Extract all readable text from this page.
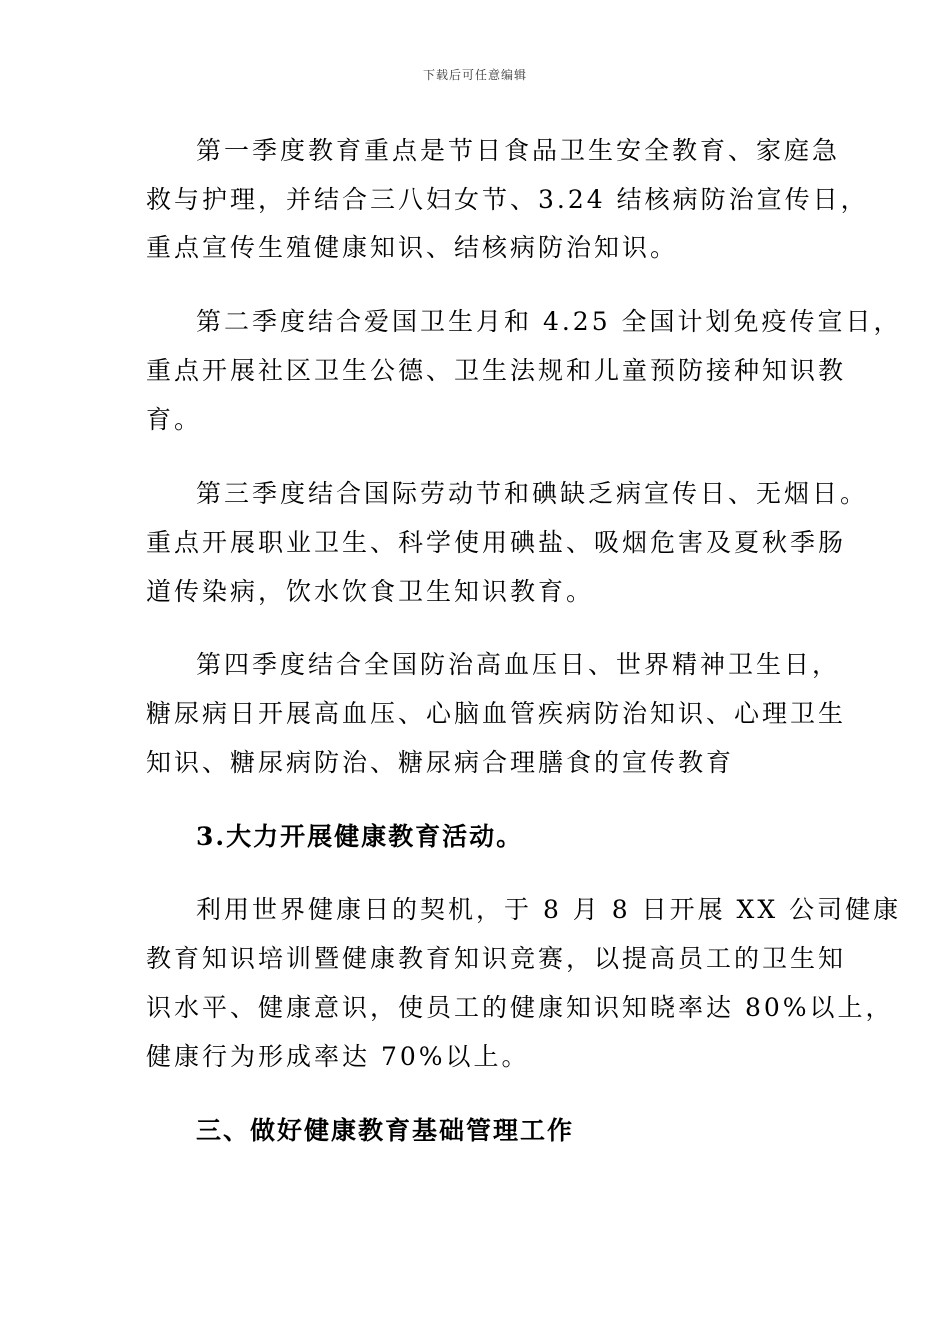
下载后可任意编辑
第一季度教育重点是节日食品卫生安全教育、家庭急
救与护理，并结合三八妇女节、3.24 结核病防治宣传日，
重点宣传生殖健康知识、结核病防治知识。
第二季度结合爱国卫生月和 4.25 全国计划免疫传宣日，
重点开展社区卫生公德、卫生法规和儿童预防接种知识教
育。
第三季度结合国际劳动节和碘缺乏病宣传日、无烟日。
重点开展职业卫生、科学使用碘盐、吸烟危害及夏秋季肠
道传染病，饮水饮食卫生知识教育。
第四季度结合全国防治高血压日、世界精神卫生日，
糖尿病日开展高血压、心脑血管疾病防治知识、心理卫生
知识、糖尿病防治、糖尿病合理膳食的宣传教育
3.大力开展健康教育活动。
利用世界健康日的契机，于 8 月 8 日开展 XX 公司健康
教育知识培训暨健康教育知识竞赛，以提高员工的卫生知
识水平、健康意识，使员工的健康知识知晓率达 80%以上，
健康行为形成率达 70%以上。
三、做好健康教育基础管理工作
